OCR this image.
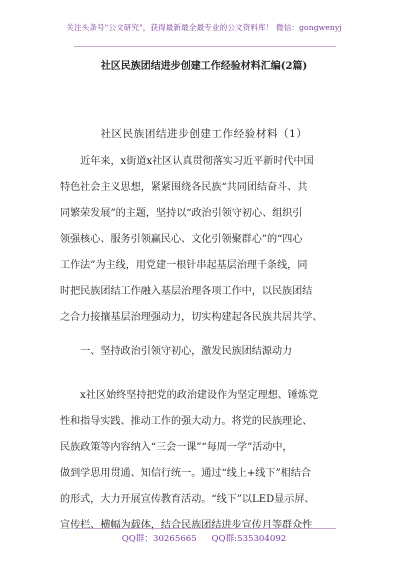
关注头条号"公文研究"，获得最新最全最专业的公文资料库！ 微信：gongwenyj
社区民族团结进步创建工作经验材料汇编(2篇)
社区民族团结进步创建工作经验材料（1）
　　近年来，x街道x社区认真贯彻落实习近平新时代中国
特色社会主义思想，紧紧围绕各民族“共同团结奋斗、共
同繁荣发展”的主题，坚持以“政治引领守初心、组织引
领强核心、服务引领赢民心、文化引领聚群心”的“四心
工作法”为主线，用党建一根针串起基层治理千条线，同
时把民族团结工作融入基层治理各项工作中，以民族团结
之合力接攘基层治理强动力，切实构建起各民族共居共学、
　　一、坚持政治引领守初心，激发民族团结源动力
　　x社区始终坚持把党的政治建设作为坚定理想、锤炼党
性和指导实践、推动工作的强大动力。将党的民族理论、
民族政策等内容纳入“三会一课”“每周一学”活动中，
做到学思用贯通、知信行统一。通过“线上+线下”相结合
的形式，大力开展宣传教育活动。“线下”以LED显示屏、
宣传栏、横幅为载体，结合民族团结进步宣传月等群众性
QQ群：30265665 QQ群:535304092
